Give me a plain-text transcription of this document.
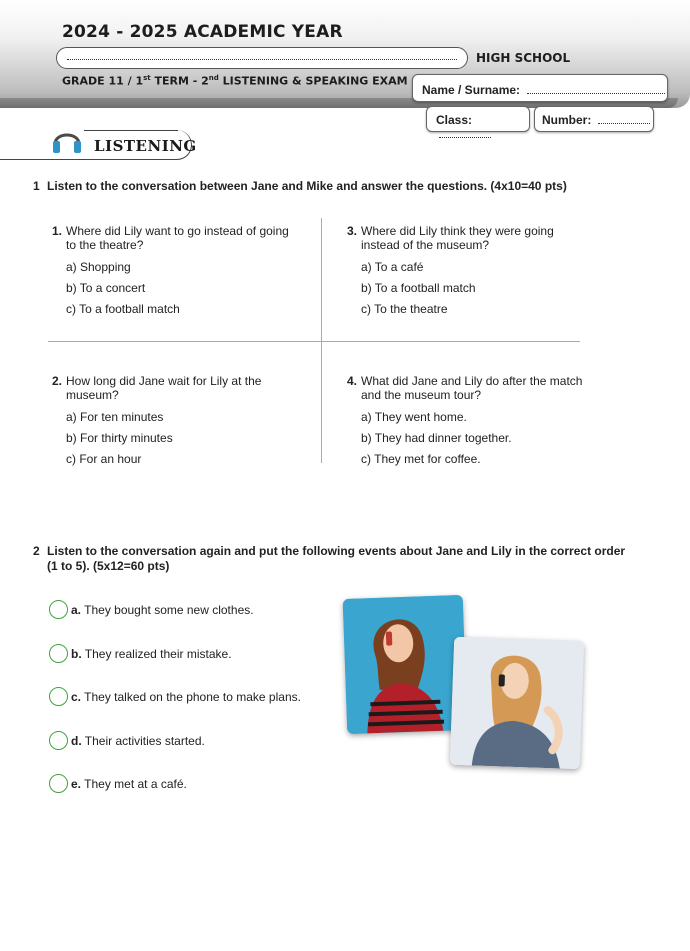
2024 - 2025 ACADEMIC YEAR
HIGH SCHOOL
GRADE 11 / 1st TERM - 2nd LISTENING & SPEAKING EXAM
Name / Surname:
Class:	Number:
LISTENING
1 Listen to the conversation between Jane and Mike and answer the questions. (4x10=40 pts)
1. Where did Lily want to go instead of going
to the theatre?
a) Shopping
b) To a concert
c) To a football match
2. How long did Jane wait for Lily at the
museum?
a) For ten minutes
b) For thirty minutes
c) For an hour
3. Where did Lily think they were going
instead of the museum?
a) To a café
b) To a football match
c) To the theatre
4. What did Jane and Lily do after the match
and the museum tour?
a) They went home.
b) They had dinner together.
c) They met for coffee.
2 Listen to the conversation again and put the following events about Jane and Lily in the correct order
(1 to 5). (5x12=60 pts)
a. They bought some new clothes.
b. They realized their mistake.
c. They talked on the phone to make plans.
d. Their activities started.
e. They met at a café.
